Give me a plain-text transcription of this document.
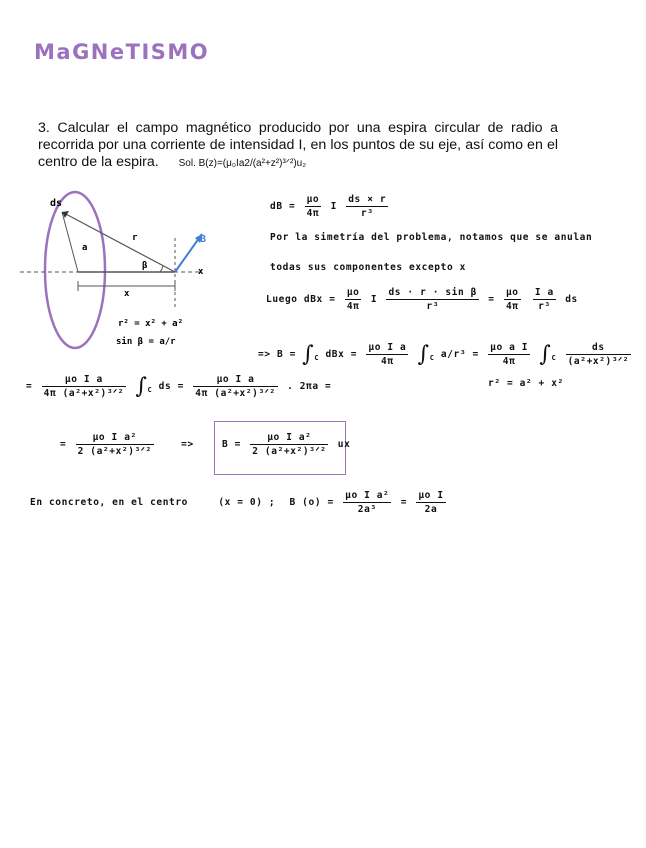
MaGNeTISMO
3. Calcular el campo magnético producido por una espira circular de radio a recorrida por una corriente de intensidad I, en los puntos de su eje, así como en el centro de la espira. Sol. B(z)=(μ₀Ia2/(a²+z²)³ᐟ²)u₂
ds
r	B
a
β
x
x
r² = x² + a²
sin β = a/r
dB = $\frac{\mu o}{4\pi}$ I $\frac{ds \times r}{\text{r³}}$
Por la simetría del problema, notamos que se anulan
todas sus componentes excepto x
Luego dBx = $\frac{\mu o}{4\pi}$ I $\frac{\text{ds · r · sin β}}{\text{r³}} = \frac{\mu o}{4\pi}$
$\frac{\text{I a}}{\text{r³}}$ ds
=> $B = \int_C$ dBx = $\frac{\text{μo I a}}{4\pi} \int_C$ $a/r^3 = \frac{\text{μo a I}}{4\pi} \int_C \frac{ds}{\text{(a²+x²)³ᐟ²}}$
r² = a² + x²
= $\frac{\text{μo I a}}{\text{4π (a²+x²)³ᐟ²}} \int_C$ ds = $\frac{\text{μo I a}}{\text{4π (a²+x²)³ᐟ²}}$ . 2πa =
= $\frac{\text{μo I a²}}{\text{2 (a²+x²)³ᐟ²}}$	=>	$B = \frac{\text{μo I a²}}{\text{2 (a²+x²)³ᐟ²}}$ ux
En concreto, en el centro	(x = 0) ; B $(o) = \frac{\text{μo I a²}}{\text{2a³}} = \frac{\text{μo I}}{2a}$
